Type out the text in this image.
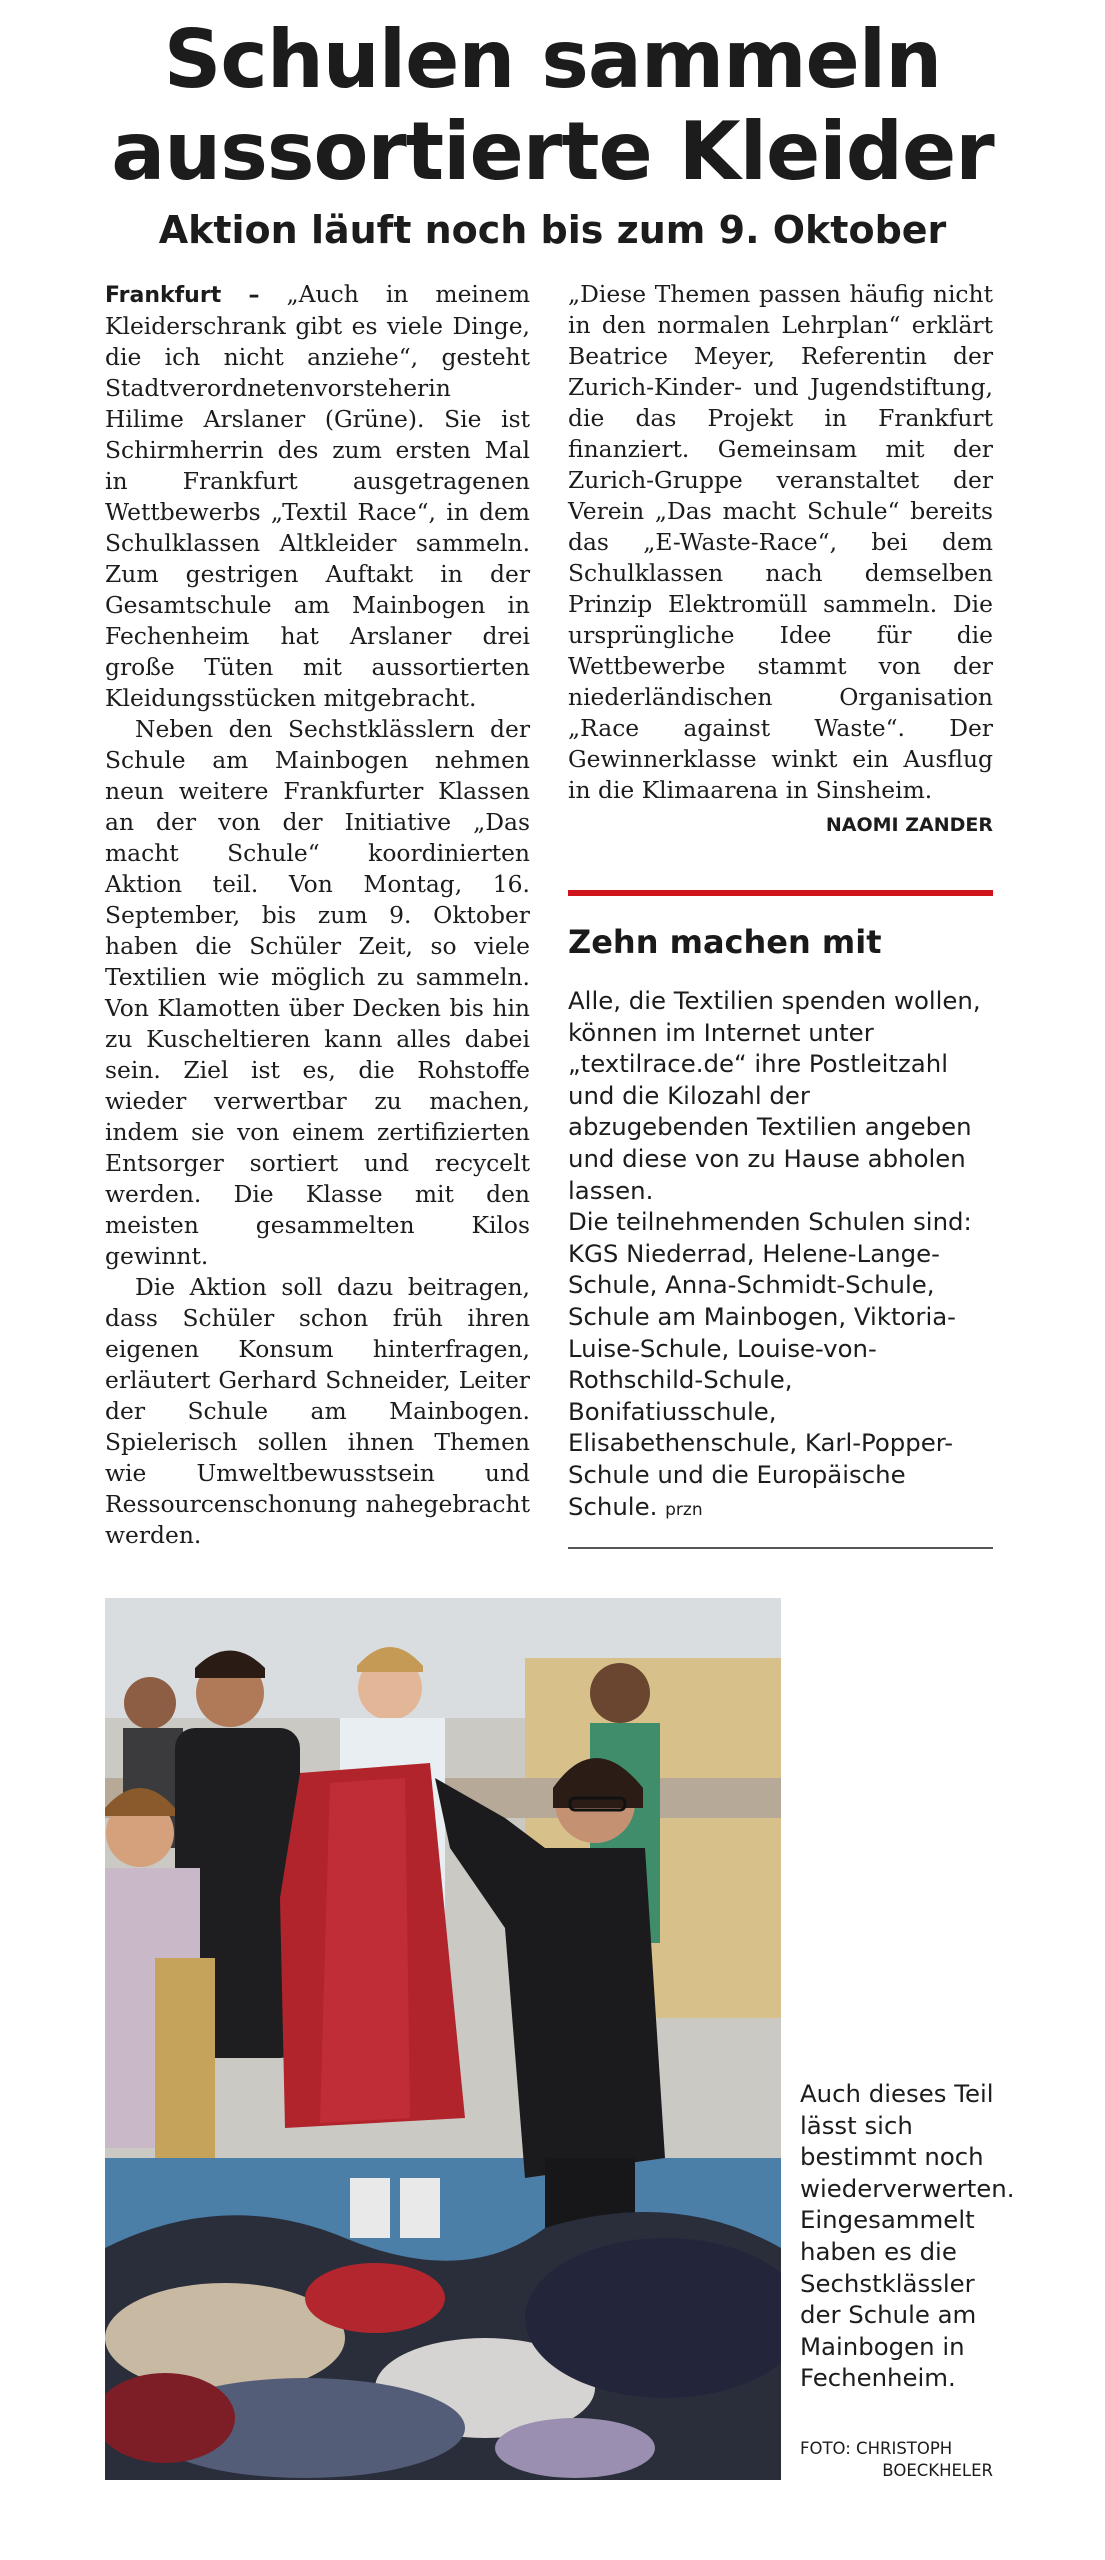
Schulen sammeln
aussortierte Kleider
Aktion läuft noch bis zum 9. Oktober

Frankfurt – „Auch in meinem Kleiderschrank gibt es viele Dinge, die ich nicht anziehe“, gesteht Stadtverordnetenvorsteherin Hilime Arslaner (Grüne). Sie ist Schirmherrin des zum ersten Mal in Frankfurt ausgetragenen Wettbewerbs „Textil Race“, in dem Schulklassen Altkleider sammeln. Zum gestrigen Auftakt in der Gesamtschule am Mainbogen in Fechenheim hat Arslaner drei große Tüten mit aussortierten Kleidungsstücken mitgebracht.

Neben den Sechstklässlern der Schule am Mainbogen nehmen neun weitere Frankfurter Klassen an der von der Initiative „Das macht Schule“ koordinierten Aktion teil. Von Montag, 16. September, bis zum 9. Oktober haben die Schüler Zeit, so viele Textilien wie möglich zu sammeln. Von Klamotten über Decken bis hin zu Kuscheltieren kann alles dabei sein. Ziel ist es, die Rohstoffe wieder verwertbar zu machen, indem sie von einem zertifizierten Entsorger sortiert und recycelt werden. Die Klasse mit den meisten gesammelten Kilos gewinnt.

Die Aktion soll dazu beitragen, dass Schüler schon früh ihren eigenen Konsum hinterfragen, erläutert Gerhard Schneider, Leiter der Schule am Mainbogen. Spielerisch sollen ihnen Themen wie Umweltbewusstsein und Ressourcenschonung nahegebracht werden.

„Diese Themen passen häufig nicht in den normalen Lehrplan“ erklärt Beatrice Meyer, Referentin der Zurich-Kinder- und Jugendstiftung, die das Projekt in Frankfurt finanziert. Gemeinsam mit der Zurich-Gruppe veranstaltet der Verein „Das macht Schule“ bereits das „E-Waste-Race“, bei dem Schulklassen nach demselben Prinzip Elektromüll sammeln. Die ursprüngliche Idee für die Wettbewerbe stammt von der niederländischen Organisation „Race against Waste“. Der Gewinnerklasse winkt ein Ausflug in die Klimaarena in Sinsheim.

NAOMI ZANDER
Zehn machen mit
Alle, die Textilien spenden wollen, können im Internet unter „textilrace.de“ ihre Postleitzahl und die Kilozahl der abzugebenden Textilien angeben und diese von zu Hause abholen lassen.
Die teilnehmenden Schulen sind: KGS Niederrad, Helene-Lange-Schule, Anna-Schmidt-Schule, Schule am Mainbogen, Viktoria-Luise-Schule, Louise-von-Rothschild-Schule, Bonifatiusschule, Elisabethenschule, Karl-Popper-Schule und die Europäische Schule. przn
Auch dieses Teil lässt sich bestimmt noch wiederverwerten. Eingesammelt haben es die Sechstklässler der Schule am Mainbogen in Fechenheim.
FOTO: CHRISTOPH
BOECKHELER
